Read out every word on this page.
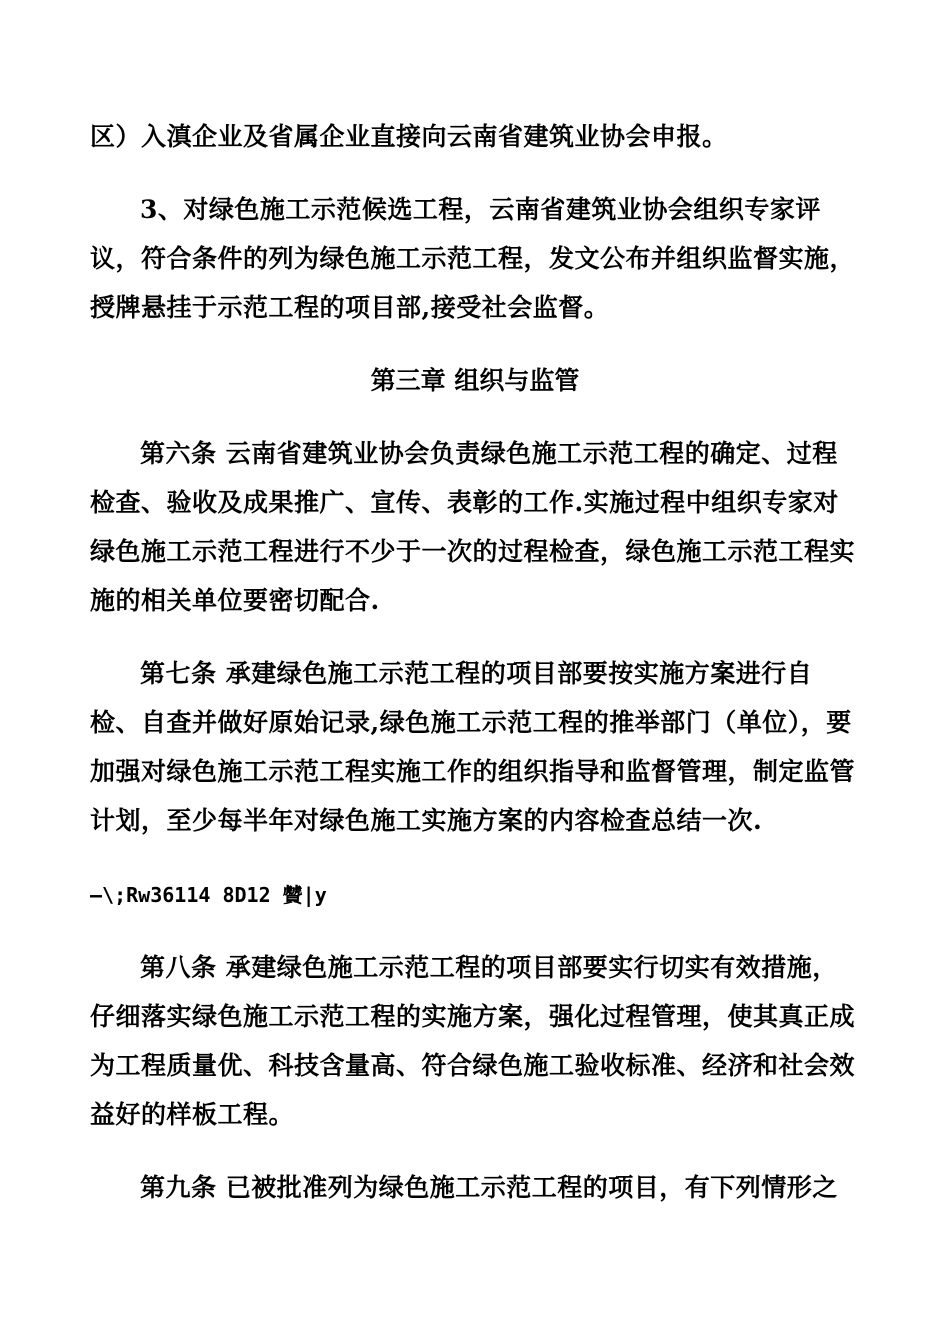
区）入滇企业及省属企业直接向云南省建筑业协会申报。
3、对绿色施工示范候选工程，云南省建筑业协会组织专家评
议，符合条件的列为绿色施工示范工程，发文公布并组织监督实施，
授牌悬挂于示范工程的项目部,接受社会监督。
第三章 组织与监管
第六条 云南省建筑业协会负责绿色施工示范工程的确定、过程
检查、验收及成果推广、宣传、表彰的工作.实施过程中组织专家对
绿色施工示范工程进行不少于一次的过程检查，绿色施工示范工程实
施的相关单位要密切配合.
第七条 承建绿色施工示范工程的项目部要按实施方案进行自
检、自查并做好原始记录,绿色施工示范工程的推举部门（单位），要
加强对绿色施工示范工程实施工作的组织指导和监督管理，制定监管
计划，至少每半年对绿色施工实施方案的内容检查总结一次.
—\;Rw36114 8D12 贙|y
第八条 承建绿色施工示范工程的项目部要实行切实有效措施，
仔细落实绿色施工示范工程的实施方案，强化过程管理，使其真正成
为工程质量优、科技含量高、符合绿色施工验收标准、经济和社会效
益好的样板工程。
第九条 已被批准列为绿色施工示范工程的项目，有下列情形之
